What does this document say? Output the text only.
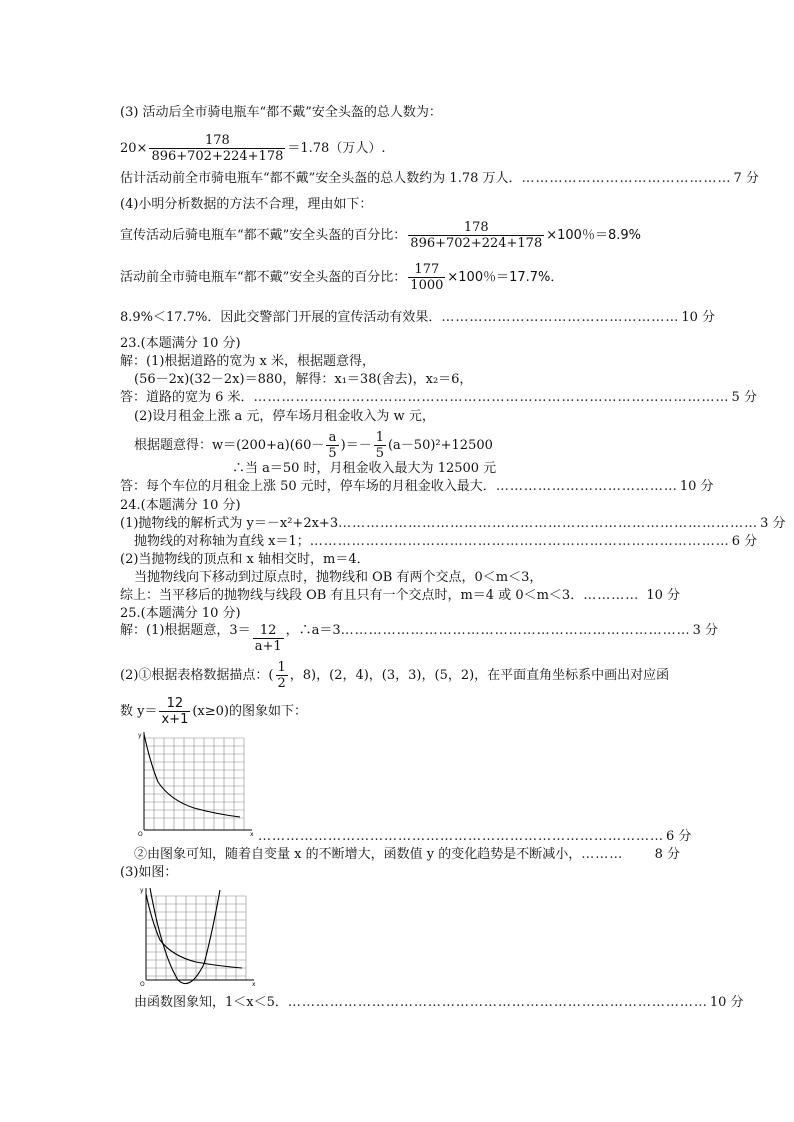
(3) 活动后全市骑电瓶车“都不戴”安全头盔的总人数为：
$20\times \frac{178}{896+702+224+178} =1.78$（万人）.
估计活动前全市骑电瓶车“都不戴”安全头盔的总人数约为 1.78 万人． ……………………………………… 7 分
(4)小明分析数据的方法不合理，理由如下：
宣传活动后骑电瓶车“都不戴”安全头盔的百分比： $\frac{178}{896+702+224+178} \times 100$％＝8.9%
活动前全市骑电瓶车“都不戴”安全头盔的百分比： $\frac{177}{1000} \times 100$％＝17.7%．
8.9%＜17.7%．因此交警部门开展的宣传活动有效果． …………………………………………… 10 分
23.(本题满分 10 分)
解：(1)根据道路的宽为 x 米，根据题意得，
(56－2x)(32－2x)＝880，解得：x₁＝38(舍去)，x₂＝6，
答：道路的宽为 6 米． ………………………………………………………………………………………… 5 分
(2)设月租金上涨 a 元，停车场月租金收入为 w 元，
根据题意得：$w=(200+a)(60- \frac{a}{5}$ )＝－ $\frac{1}{5} (a-50)^2+12500$
∴当 a＝50 时，月租金收入最大为 12500 元
答：每个车位的月租金上涨 50 元时，停车场的月租金收入最大． ………………………………… 10 分
24.(本题满分 10 分)
(1)抛物线的解析式为 y＝－x²+2x+3 ……………………………………………………………………………… 3 分
抛物线的对称轴为直线 x＝1； ……………………………………………………………………………… 6 分
(2)当抛物线的顶点和 x 轴相交时，m＝4．
当抛物线向下移动到过原点时，抛物线和 OB 有两个交点，0＜m＜3，
综上：当平移后的抛物线与线段 OB 有且只有一个交点时，m＝4 或 0＜m＜3． ………… 10 分
25.(本题满分 10 分)
解：(1)根据题意，$3= \frac{12}{a+1}$ ，∴a＝3 ………………………………………………………………… 3 分
(2)①根据表格数据描点：( $\frac{1}{2}$ ，8)，(2，4)，(3，3)，(5，2)，在平面直角坐标系中画出对应函
数 $y= \frac{12}{x+1} (x\ge 0)$的图象如下：
O	x
y
…………………………………………………………………………… 6 分
②由图象可知，随着自变量 x 的不断增大，函数值 y 的变化趋势是不断减小， ………	8 分
(3)如图：
O	x
y
由函数图象知，1＜x＜5． ……………………………………………………………………………… 10 分
